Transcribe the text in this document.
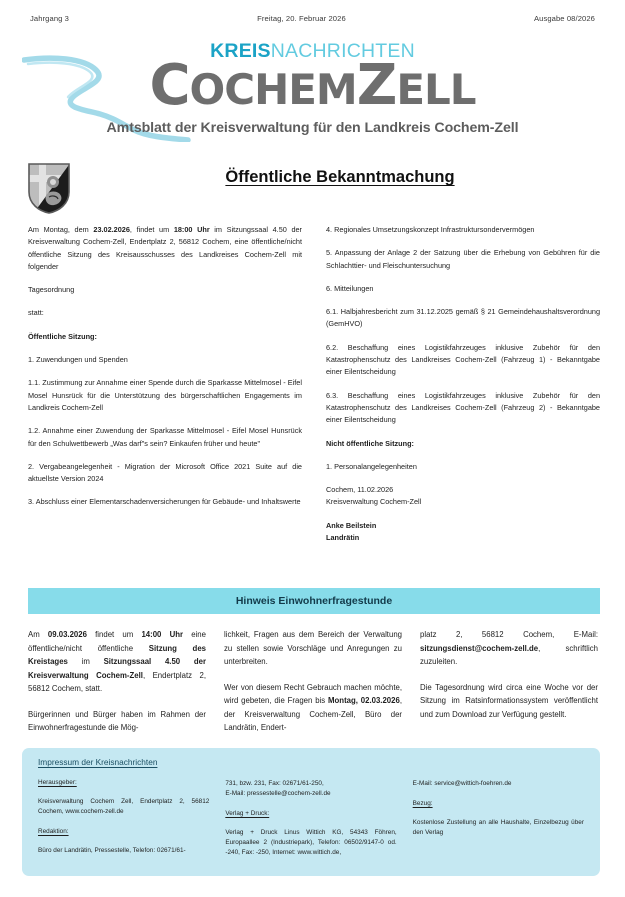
Jahrgang 3	Freitag, 20. Februar 2026	Ausgabe 08/2026
KREISNACHRICHTEN
COCHEMZELL
Amtsblatt der Kreisverwaltung für den Landkreis Cochem-Zell
Öffentliche Bekanntmachung

Am Montag, dem 23.02.2026, findet um 18:00 Uhr im Sitzungssaal 4.50 der Kreisverwaltung Cochem-Zell, Endertplatz 2, 56812 Cochem, eine öffentliche/nicht öffentliche Sitzung des Kreisausschusses des Landkreises Cochem-Zell mit folgender

Tagesordnung

statt:

Öffentliche Sitzung:

1. Zuwendungen und Spenden

1.1. Zustimmung zur Annahme einer Spende durch die Sparkasse Mittelmosel - Eifel Mosel Hunsrück für die Unterstützung des bürgerschaftlichen Engagements im Landkreis Cochem-Zell

1.2. Annahme einer Zuwendung der Sparkasse Mittelmosel - Eifel Mosel Hunsrück für den Schulwettbewerb „Was darf"s sein? Einkaufen früher und heute"

2. Vergabeangelegenheit - Migration der Microsoft Office 2021 Suite auf die aktuellste Version 2024

3. Abschluss einer Elementarschadenversicherungen für Gebäude- und Inhaltswerte

4. Regionales Umsetzungskonzept Infrastruktursondervermögen

5. Anpassung der Anlage 2 der Satzung über die Erhebung von Gebühren für die Schlachttier- und Fleischuntersuchung

6. Mitteilungen

6.1. Halbjahresbericht zum 31.12.2025 gemäß § 21 Gemeindehaushaltsverordnung (GemHVO)

6.2. Beschaffung eines Logistikfahrzeuges inklusive Zubehör für den Katastrophenschutz des Landkreises Cochem-Zell (Fahrzeug 1) - Bekanntgabe einer Eilentscheidung

6.3. Beschaffung eines Logistikfahrzeuges inklusive Zubehör für den Katastrophenschutz des Landkreises Cochem-Zell (Fahrzeug 2) - Bekanntgabe einer Eilentscheidung

Nicht öffentliche Sitzung:

1. Personalangelegenheiten

Cochem, 11.02.2026
Kreisverwaltung Cochem-Zell

Anke Beilstein
Landrätin

Hinweis Einwohnerfragestunde

Am 09.03.2026 findet um 14:00 Uhr eine öffentliche/nicht öffentliche Sitzung des Kreistages im Sitzungssaal 4.50 der Kreisverwaltung Cochem-Zell, Endertplatz 2, 56812 Cochem, statt.

Bürgerinnen und Bürger haben im Rahmen der Einwohnerfragestunde die Mög-

lichkeit, Fragen aus dem Bereich der Verwaltung zu stellen sowie Vorschläge und Anregungen zu unterbreiten.

Wer von diesem Recht Gebrauch machen möchte, wird gebeten, die Fragen bis Montag, 02.03.2026, der Kreisverwaltung Cochem-Zell, Büro der Landrätin, Endert-

platz 2, 56812 Cochem, E-Mail: sitzungsdienst@cochem-zell.de, schriftlich zuzuleiten.

Die Tagesordnung wird circa eine Woche vor der Sitzung im Ratsinformationssystem veröffentlicht und zum Download zur Verfügung gestellt.

Impressum der Kreisnachrichten
Herausgeber:

Kreisverwaltung Cochem Zell, Endertplatz 2, 56812 Cochem, www.cochem-zell.de

Redaktion:

Büro der Landrätin, Pressestelle, Telefon: 02671/61-

731, bzw. 231, Fax: 02671/61-250,
E-Mail: pressestelle@cochem-zell.de

Verlag + Druck:

Verlag + Druck Linus Wittich KG, 54343 Föhren, Europaallee 2 (Industriepark), Telefon: 06502/9147-0 od. -240, Fax: -250, Internet: www.wittich.de,

E-Mail: service@wittich-foehren.de

Bezug:

Kostenlose Zustellung an alle Haushalte, Einzelbezug über den Verlag
